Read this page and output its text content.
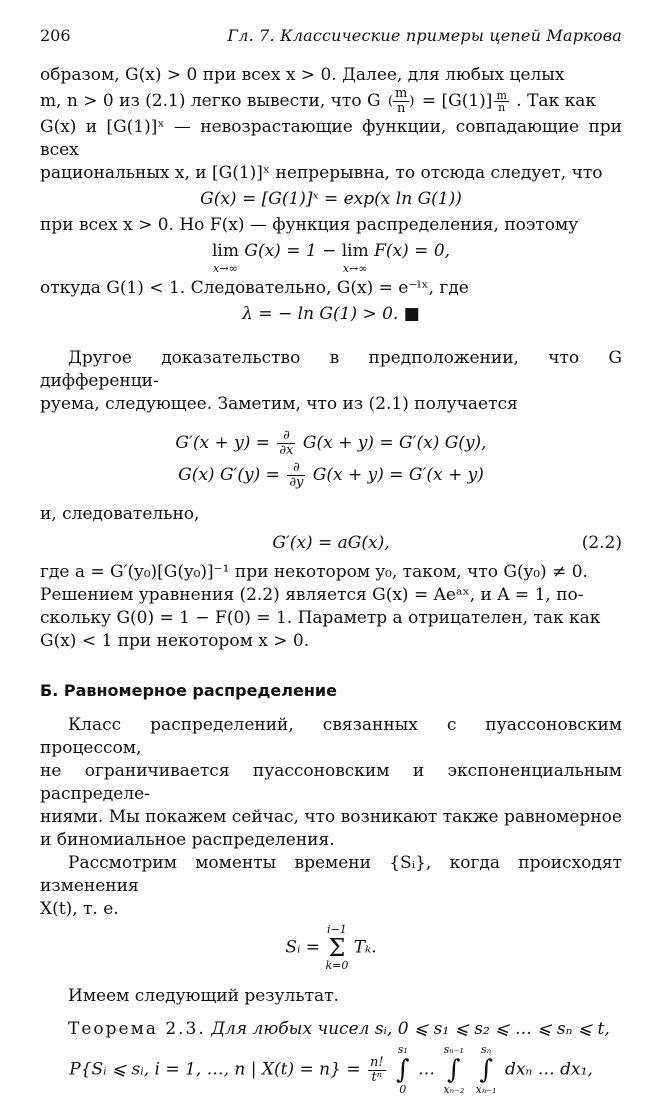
206	Гл. 7. Классические примеры цепей Маркова

образом, G(x) > 0 при всех x > 0. Далее, для любых целых
m, n > 0 из (2.1) легко вывести, что G ( $\frac{m}{n}$ ) = $[G(1)] \frac{m}{n}$ . Так как
G(x) и [G(1)]ˣ — невозрастающие функции, совпадающие при всех
рациональных x, и [G(1)]ˣ непрерывна, то отсюда следует, что

G(x) = [G(1)]ˣ = exp(x ln G(1))

при всех x > 0. Но F(x) — функция распределения, поэтому

lim
x→∞
G(x) = 1 − lim
x→∞
F(x) = 0,

откуда G(1) < 1. Следовательно, G(x) = e⁻ˡˣ, где

λ = − ln G(1) > 0. ■

Другое доказательство в предположении, что G дифференци-
руема, следующее. Заметим, что из (2.1) получается

$G'(x + y) = \frac{\partial}{\partial x} G(x + y) = G'(x)$ G(y),
G(x) $G'(y) = \frac{\partial}{\partial y} G(x + y) = G'(x + y)$

и, следовательно,

G′(x) = aG(x),	(2.2)

где a = G′(y₀)[G(y₀)]⁻¹ при некотором y₀, таком, что G(y₀) ≠ 0.
Решением уравнения (2.2) является G(x) = Aeᵃˣ, и A = 1, по-
скольку G(0) = 1 − F(0) = 1. Параметр a отрицателен, так как
G(x) < 1 при некотором x > 0.

Б. Равномерное распределение

Класс распределений, связанных с пуассоновским процессом,
не ограничивается пуассоновским и экспоненциальным распределе-
ниями. Мы покажем сейчас, что возникают также равномерное
и биномиальное распределения.

Рассмотрим моменты времени {Sᵢ}, когда происходят изменения
X(t), т. е.

Sᵢ =
i−1
Σ
k=0
Tₖ.

Имеем следующий результат.

Теорема 2.3. Для любых чисел sᵢ, 0 ⩽ s₁ ⩽ s₂ ⩽ … ⩽ sₙ ⩽ t,

P{Sᵢ ⩽ sᵢ, i = 1, …, n | $X(t) = n\} = \frac{n!}{\text{tⁿ}}$

s₁
∫
0
…
sₙ₋₁
∫
xₙ₋₂

sₙ
∫
xₙ₋₁
dxₙ … dx₁,
